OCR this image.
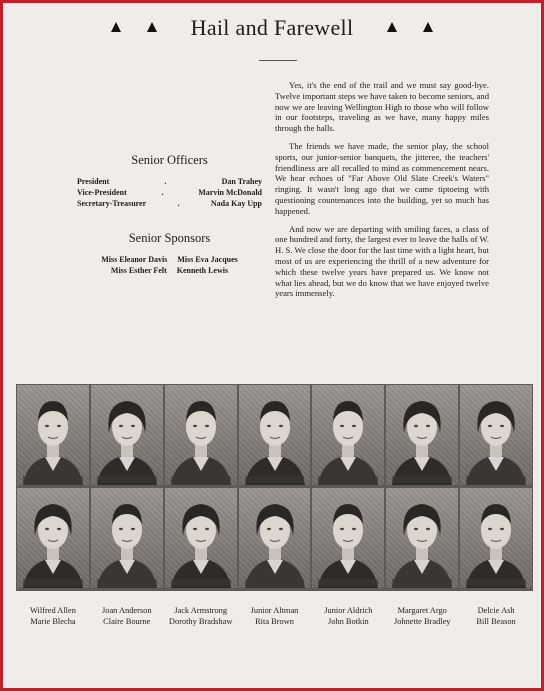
Hail and Farewell
Senior Officers
President	.	Dan Trahey
Vice-President	.	Marvin McDonald
Secretary-Treasurer	.	Nada Kay Upp
Senior Sponsors
Miss Eleanor Davis Miss Eva Jacques
Miss Esther Felt Kenneth Lewis

Yes, it's the end of the trail and we must say good-bye. Twelve important steps we have taken to become seniors, and now we are leaving Wellington High to those who will follow in our footsteps, traveling as we have, many happy miles through the halls.

The friends we have made, the senior play, the school sports, our junior-senior banquets, the jitteree, the teachers' friendliness are all recalled to mind as commencement nears. We hear echoes of "Far Above Old Slate Creek's Waters" ringing. It wasn't long ago that we came tiptoeing with questioning countenances into the building, yet so much has happened.

And now we are departing with smiling faces, a class of one hundred and forty, the largest ever to leave the halls of W. H. S. We close the door for the last time with a light heart, but most of us are experiencing the thrill of a new adventure for which these twelve years have prepared us. We know not what lies ahead, but we do know that we have enjoyed twelve years immensely.

Wilfred Allen
Marie Blecha
Joan Anderson
Claire Bourne
Jack Armstrong
Dorothy Bradshaw
Junior Altman
Rita Brown
Junior Aldrich
John Botkin
Margaret Argo
Johnette Bradley
Delcie Ash
Bill Beason
